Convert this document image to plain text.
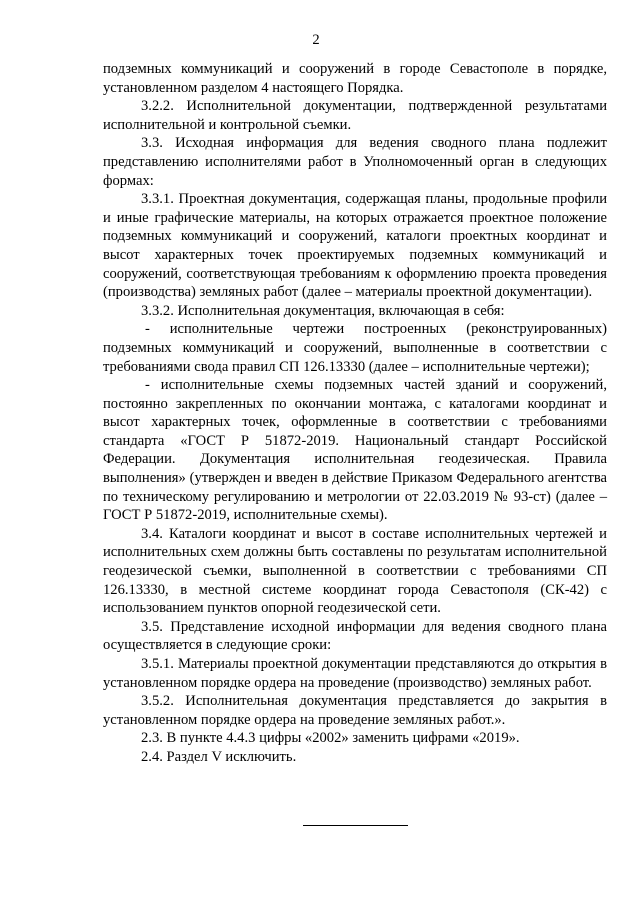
2

подземных коммуникаций и сооружений в городе Севастополе в порядке, установленном разделом 4 настоящего Порядка.

3.2.2. Исполнительной документации, подтвержденной результатами исполнительной и контрольной съемки.

3.3. Исходная информация для ведения сводного плана подлежит представлению исполнителями работ в Уполномоченный орган в следующих формах:

3.3.1. Проектная документация, содержащая планы, продольные профили и иные графические материалы, на которых отражается проектное положение подземных коммуникаций и сооружений, каталоги проектных координат и высот характерных точек проектируемых подземных коммуникаций и сооружений, соответствующая требованиям к оформлению проекта проведения (производства) земляных работ (далее – материалы проектной документации).

3.3.2. Исполнительная документация, включающая в себя:

- исполнительные чертежи построенных (реконструированных) подземных коммуникаций и сооружений, выполненные в соответствии с требованиями свода правил СП 126.13330 (далее – исполнительные чертежи);

- исполнительные схемы подземных частей зданий и сооружений, постоянно закрепленных по окончании монтажа, с каталогами координат и высот характерных точек, оформленные в соответствии с требованиями стандарта «ГОСТ Р 51872-2019. Национальный стандарт Российской Федерации. Документация исполнительная геодезическая. Правила выполнения» (утвержден и введен в действие Приказом Федерального агентства по техническому регулированию и метрологии от 22.03.2019 № 93-ст) (далее – ГОСТ Р 51872-2019, исполнительные схемы).

3.4. Каталоги координат и высот в составе исполнительных чертежей и исполнительных схем должны быть составлены по результатам исполнительной геодезической съемки, выполненной в соответствии с требованиями СП 126.13330, в местной системе координат города Севастополя (СК-42) с использованием пунктов опорной геодезической сети.

3.5. Представление исходной информации для ведения сводного плана осуществляется в следующие сроки:

3.5.1. Материалы проектной документации представляются до открытия в установленном порядке ордера на проведение (производство) земляных работ.

3.5.2. Исполнительная документация представляется до закрытия в установленном порядке ордера на проведение земляных работ.».

2.3. В пункте 4.4.3 цифры «2002» заменить цифрами «2019».

2.4. Раздел V исключить.
